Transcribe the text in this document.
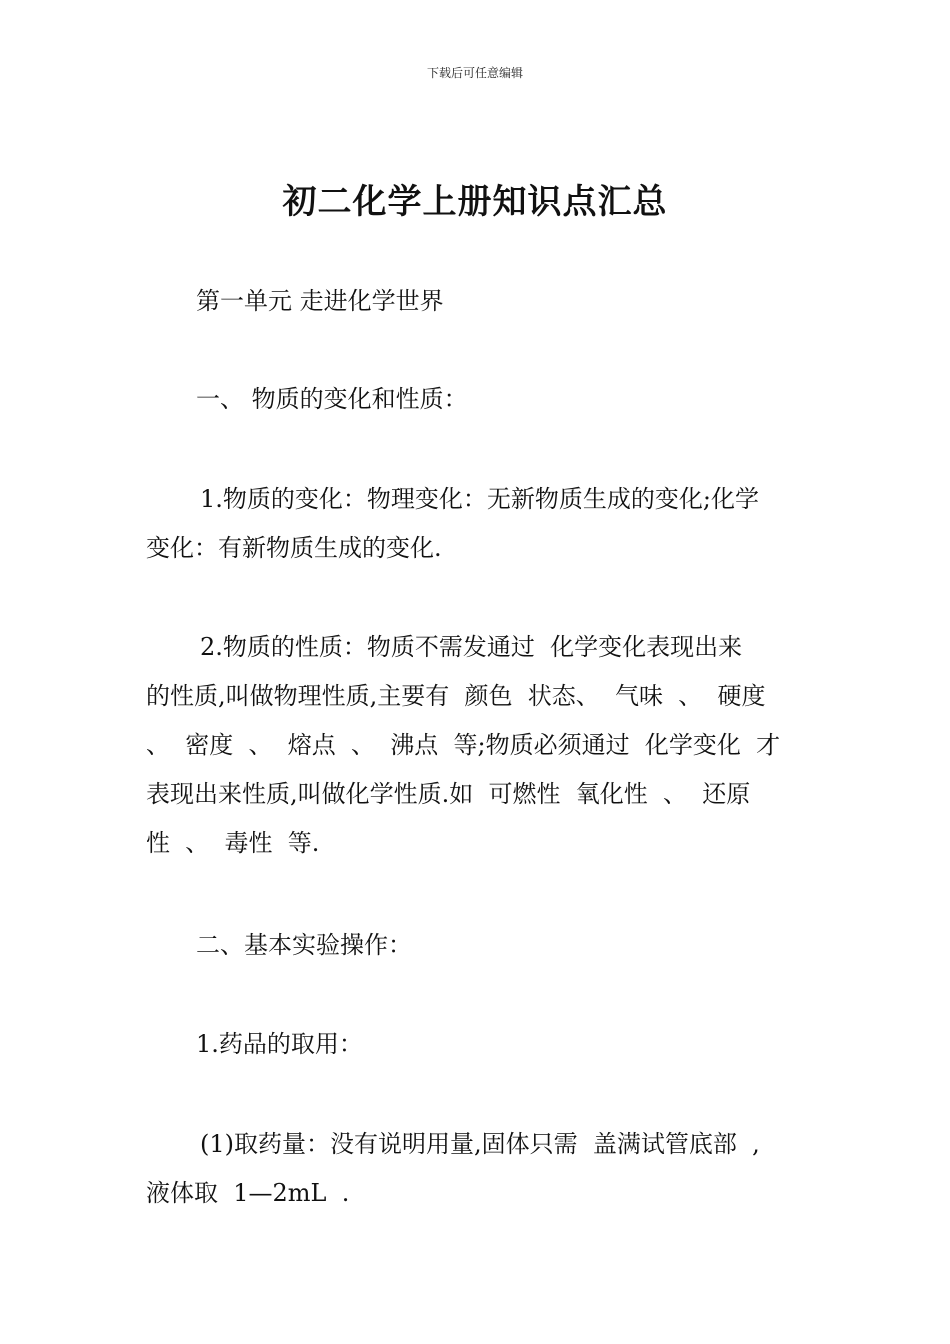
下载后可任意编辑
初二化学上册知识点汇总
第一单元 走进化学世界
一、 物质的变化和性质：
1.物质的变化：物理变化：无新物质生成的变化;化学
变化：有新物质生成的变化.
2.物质的性质：物质不需发通过  化学变化表现出来
的性质,叫做物理性质,主要有  颜色  状态、  气味  、  硬度
、  密度  、  熔点  、  沸点  等;物质必须通过  化学变化  才
表现出来性质,叫做化学性质.如  可燃性  氧化性  、  还原
性  、  毒性  等.
二、基本实验操作：
1.药品的取用：
(1)取药量：没有说明用量,固体只需  盖满试管底部  ,
液体取  1—2mL  .
